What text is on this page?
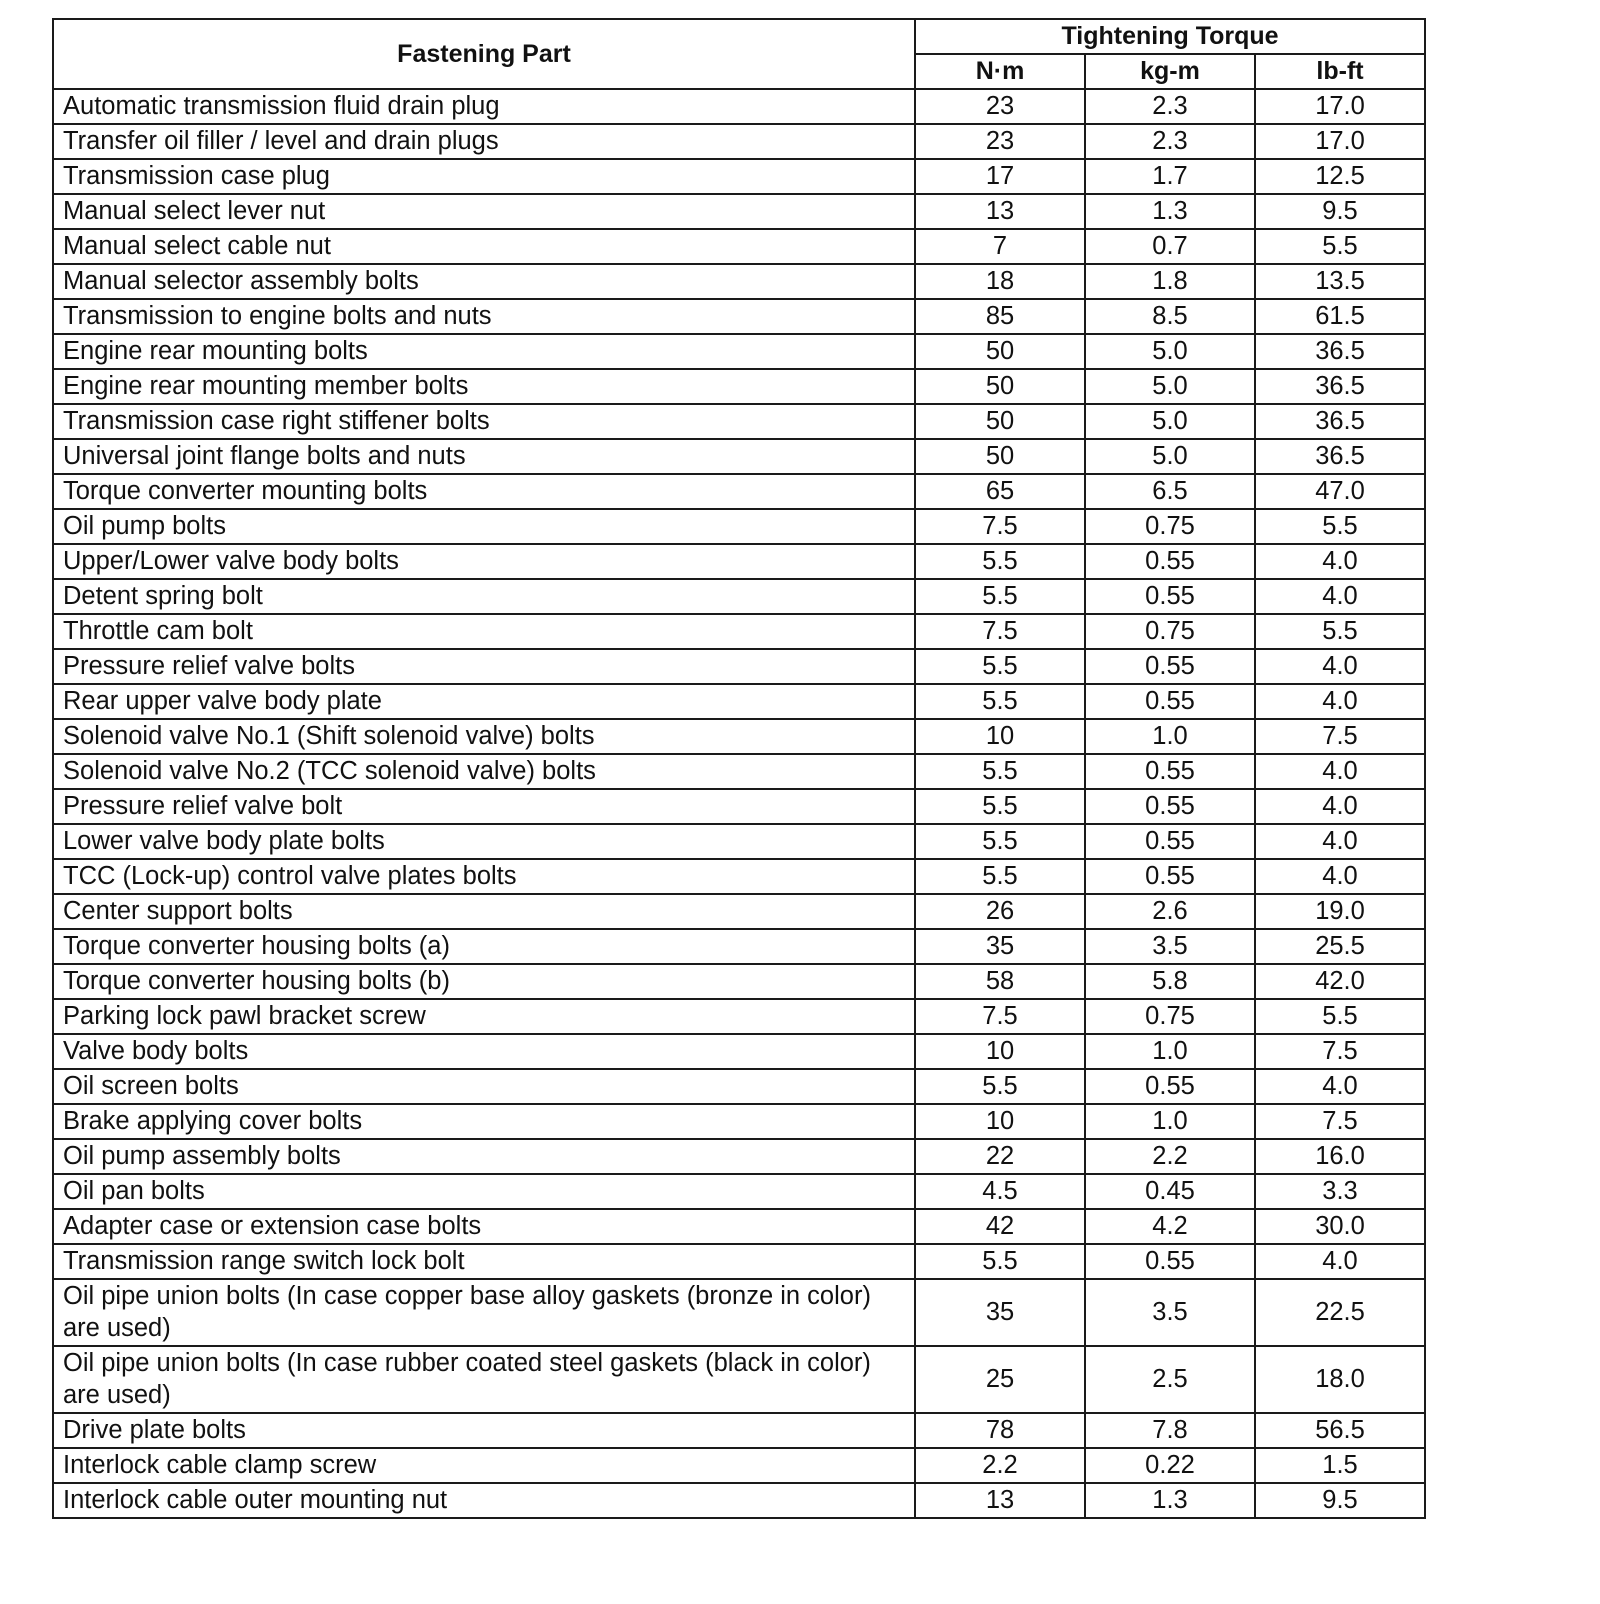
Fastening Part	Tightening Torque		
	N·m	kg-m	lb-ft
Automatic transmission fluid drain plug	23	2.3	17.0
Transfer oil filler / level and drain plugs	23	2.3	17.0
Transmission case plug	17	1.7	12.5
Manual select lever nut	13	1.3	9.5
Manual select cable nut	7	0.7	5.5
Manual selector assembly bolts	18	1.8	13.5
Transmission to engine bolts and nuts	85	8.5	61.5
Engine rear mounting bolts	50	5.0	36.5
Engine rear mounting member bolts	50	5.0	36.5
Transmission case right stiffener bolts	50	5.0	36.5
Universal joint flange bolts and nuts	50	5.0	36.5
Torque converter mounting bolts	65	6.5	47.0
Oil pump bolts	7.5	0.75	5.5
Upper/Lower valve body bolts	5.5	0.55	4.0
Detent spring bolt	5.5	0.55	4.0
Throttle cam bolt	7.5	0.75	5.5
Pressure relief valve bolts	5.5	0.55	4.0
Rear upper valve body plate	5.5	0.55	4.0
Solenoid valve No.1 (Shift solenoid valve) bolts	10	1.0	7.5
Solenoid valve No.2 (TCC solenoid valve) bolts	5.5	0.55	4.0
Pressure relief valve bolt	5.5	0.55	4.0
Lower valve body plate bolts	5.5	0.55	4.0
TCC (Lock-up) control valve plates bolts	5.5	0.55	4.0
Center support bolts	26	2.6	19.0
Torque converter housing bolts (a)	35	3.5	25.5
Torque converter housing bolts (b)	58	5.8	42.0
Parking lock pawl bracket screw	7.5	0.75	5.5
Valve body bolts	10	1.0	7.5
Oil screen bolts	5.5	0.55	4.0
Brake applying cover bolts	10	1.0	7.5
Oil pump assembly bolts	22	2.2	16.0
Oil pan bolts	4.5	0.45	3.3
Adapter case or extension case bolts	42	4.2	30.0
Transmission range switch lock bolt	5.5	0.55	4.0
Oil pipe union bolts (In case copper base alloy gaskets (bronze in color) are used)	35	3.5	22.5
Oil pipe union bolts (In case rubber coated steel gaskets (black in color) are used)	25	2.5	18.0
Drive plate bolts	78	7.8	56.5
Interlock cable clamp screw	2.2	0.22	1.5
Interlock cable outer mounting nut	13	1.3	9.5
